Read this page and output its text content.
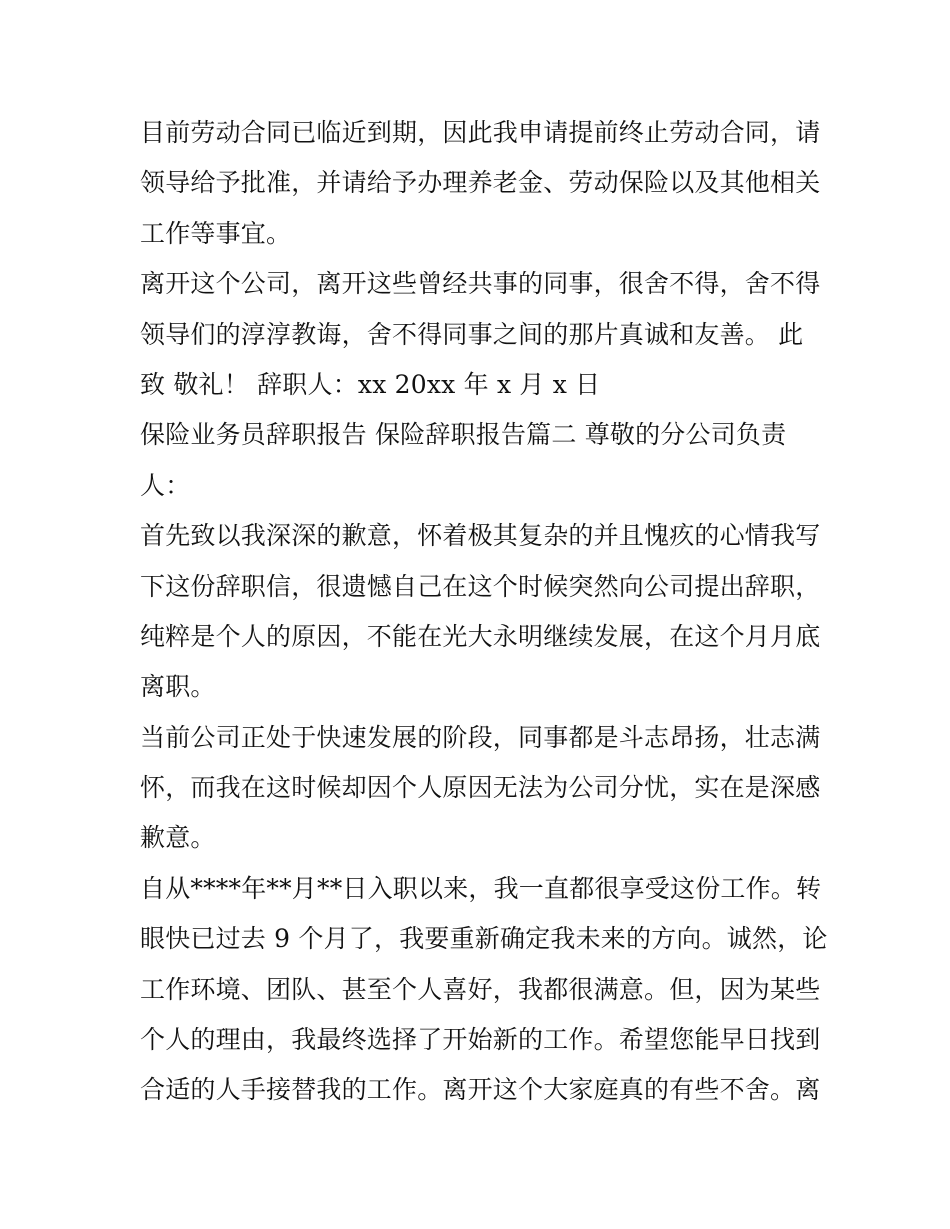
目前劳动合同已临近到期，因此我申请提前终止劳动合同，请
领导给予批准，并请给予办理养老金、劳动保险以及其他相关
工作等事宜。
离开这个公司，离开这些曾经共事的同事，很舍不得，舍不得
领导们的淳淳教诲，舍不得同事之间的那片真诚和友善。 此
致 敬礼！ 辞职人：xx 20xx 年 x 月 x 日
保险业务员辞职报告 保险辞职报告篇二 尊敬的分公司负责
人：
首先致以我深深的歉意，怀着极其复杂的并且愧疚的心情我写
下这份辞职信，很遗憾自己在这个时候突然向公司提出辞职，
纯粹是个人的原因，不能在光大永明继续发展，在这个月月底
离职。
当前公司正处于快速发展的阶段，同事都是斗志昂扬，壮志满
怀，而我在这时候却因个人原因无法为公司分忧，实在是深感
歉意。
自从****年**月**日入职以来，我一直都很享受这份工作。转
眼快已过去 9 个月了，我要重新确定我未来的方向。诚然，论
工作环境、团队、甚至个人喜好，我都很满意。但，因为某些
个人的理由，我最终选择了开始新的工作。希望您能早日找到
合适的人手接替我的工作。离开这个大家庭真的有些不舍。离
